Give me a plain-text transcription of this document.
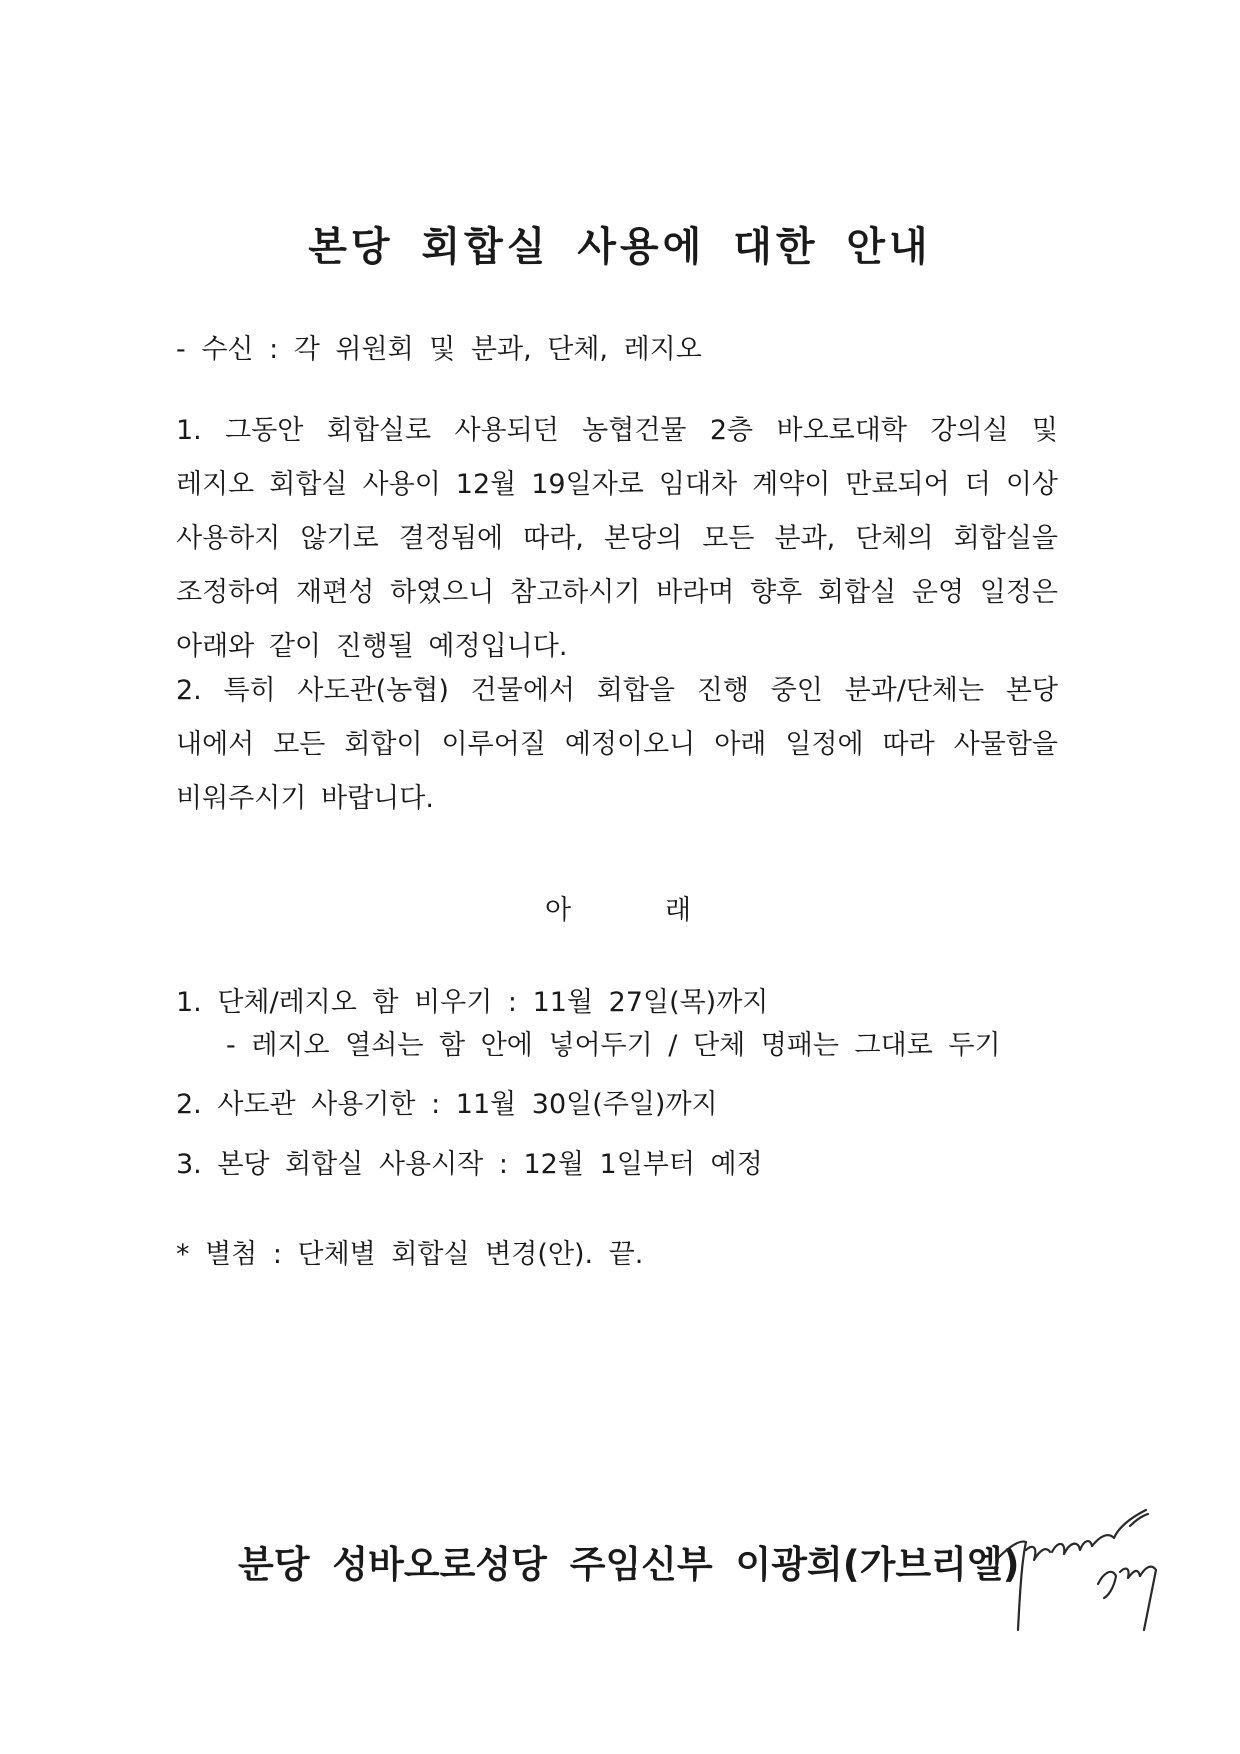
본당 회합실 사용에 대한 안내
- 수신 : 각 위원회 및 분과, 단체, 레지오

1. 그동안 회합실로 사용되던 농협건물 2층 바오로대학 강의실 및 레지오 회합실 사용이 12월 19일자로 임대차 계약이 만료되어 더 이상 사용하지 않기로 결정됨에 따라, 본당의 모든 분과, 단체의 회합실을 조정하여 재편성 하였으니 참고하시기 바라며 향후 회합실 운영 일정은 아래와 같이 진행될 예정입니다.

2. 특히 사도관(농협) 건물에서 회합을 진행 중인 분과/단체는 본당 내에서 모든 회합이 이루어질 예정이오니 아래 일정에 따라 사물함을 비워주시기 바랍니다.

아	래
1. 단체/레지오 함 비우기 : 11월 27일(목)까지
- 레지오 열쇠는 함 안에 넣어두기 / 단체 명패는 그대로 두기
2. 사도관 사용기한 : 11월 30일(주일)까지
3. 본당 회합실 사용시작 : 12월 1일부터 예정
* 별첨 : 단체별 회합실 변경(안). 끝.
분당 성바오로성당 주임신부 이광희(가브리엘)
